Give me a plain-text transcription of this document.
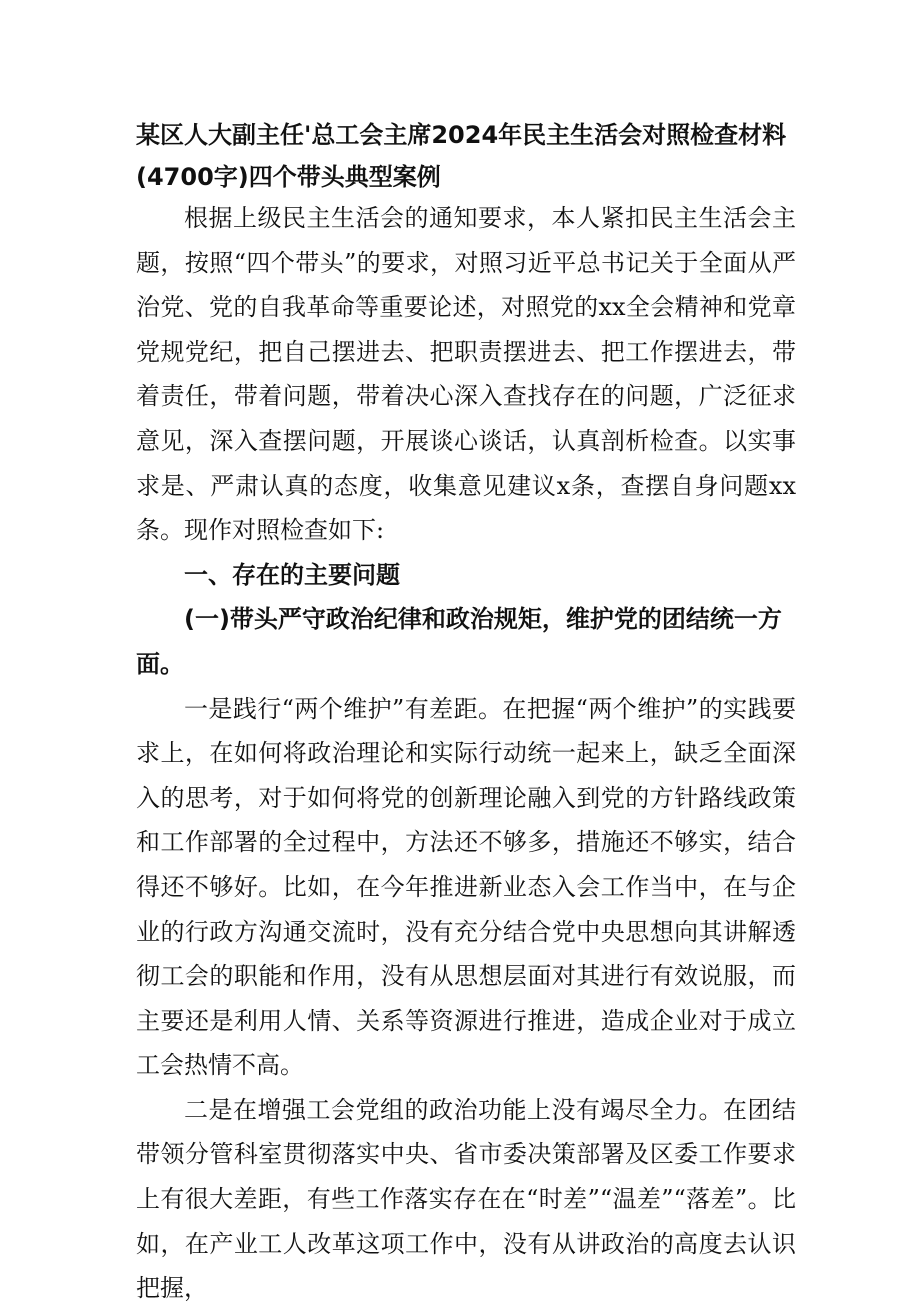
某区人大副主任'总工会主席2024年民主生活会对照检查材料(4700字)四个带头典型案例

根据上级民主生活会的通知要求，本人紧扣民主生活会主题，按照“四个带头”的要求，对照习近平总书记关于全面从严治党、党的自我革命等重要论述，对照党的xx全会精神和党章党规党纪，把自己摆进去、把职责摆进去、把工作摆进去，带着责任，带着问题，带着决心深入查找存在的问题，广泛征求意见，深入查摆问题，开展谈心谈话，认真剖析检查。以实事求是、严肃认真的态度，收集意见建议x条，查摆自身问题xx条。现作对照检查如下:

一、存在的主要问题

(一)带头严守政治纪律和政治规矩，维护党的团结统一方面。

一是践行“两个维护”有差距。在把握“两个维护”的实践要求上，在如何将政治理论和实际行动统一起来上，缺乏全面深入的思考，对于如何将党的创新理论融入到党的方针路线政策和工作部署的全过程中，方法还不够多，措施还不够实，结合得还不够好。比如，在今年推进新业态入会工作当中，在与企业的行政方沟通交流时，没有充分结合党中央思想向其讲解透彻工会的职能和作用，没有从思想层面对其进行有效说服，而主要还是利用人情、关系等资源进行推进，造成企业对于成立工会热情不高。

二是在增强工会党组的政治功能上没有竭尽全力。在团结带领分管科室贯彻落实中央、省市委决策部署及区委工作要求上有很大差距，有些工作落实存在在“时差”“温差”“落差”。比如，在产业工人改革这项工作中，没有从讲政治的高度去认识把握，
